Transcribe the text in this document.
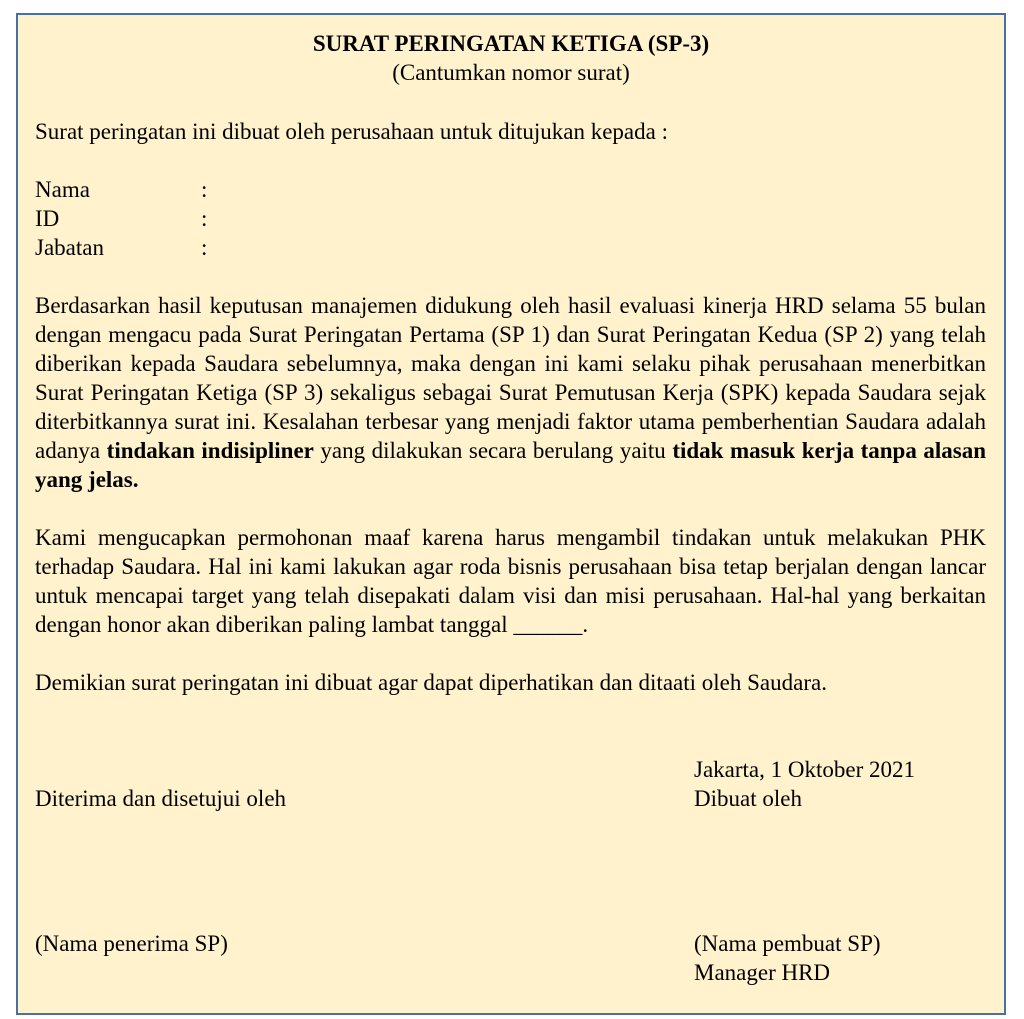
SURAT PERINGATAN KETIGA (SP-3)
(Cantumkan nomor surat)
Surat peringatan ini dibuat oleh perusahaan untuk ditujukan kepada :
Nama	:
ID	:
Jabatan	:
Berdasarkan hasil keputusan manajemen didukung oleh hasil evaluasi kinerja HRD selama 55 bulan dengan mengacu pada Surat Peringatan Pertama (SP 1) dan Surat Peringatan Kedua (SP 2) yang telah diberikan kepada Saudara sebelumnya, maka dengan ini kami selaku pihak perusahaan menerbitkan Surat Peringatan Ketiga (SP 3) sekaligus sebagai Surat Pemutusan Kerja (SPK) kepada Saudara sejak diterbitkannya surat ini. Kesalahan terbesar yang menjadi faktor utama pemberhentian Saudara adalah adanya tindakan indisipliner yang dilakukan secara berulang yaitu tidak masuk kerja tanpa alasan yang jelas.
Kami mengucapkan permohonan maaf karena harus mengambil tindakan untuk melakukan PHK terhadap Saudara. Hal ini kami lakukan agar roda bisnis perusahaan bisa tetap berjalan dengan lancar untuk mencapai target yang telah disepakati dalam visi dan misi perusahaan. Hal-hal yang berkaitan dengan honor akan diberikan paling lambat tanggal ______.
Demikian surat peringatan ini dibuat agar dapat diperhatikan dan ditaati oleh Saudara.
Jakarta, 1 Oktober 2021
Diterima dan disetujui oleh	Dibuat oleh
(Nama penerima SP)	(Nama pembuat SP)
Manager HRD
